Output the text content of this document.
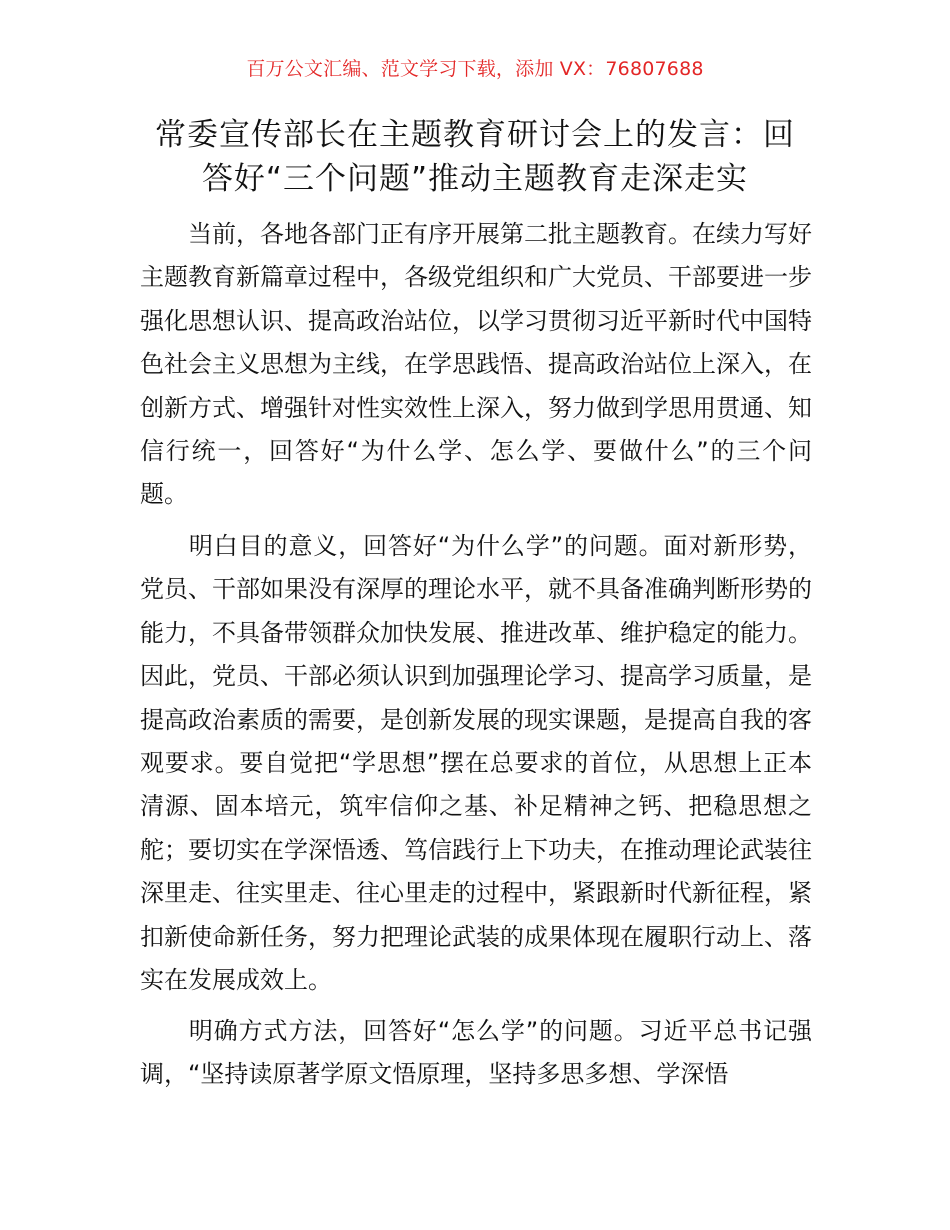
百万公文汇编、范文学习下载，添加 VX：76807688
常委宣传部长在主题教育研讨会上的发言：回
答好“三个问题”推动主题教育走深走实

当前，各地各部门正有序开展第二批主题教育。在续力写好主题教育新篇章过程中，各级党组织和广大党员、干部要进一步强化思想认识、提高政治站位，以学习贯彻习近平新时代中国特色社会主义思想为主线，在学思践悟、提高政治站位上深入，在创新方式、增强针对性实效性上深入，努力做到学思用贯通、知信行统一，回答好“为什么学、怎么学、要做什么”的三个问题。

明白目的意义，回答好“为什么学”的问题。面对新形势，党员、干部如果没有深厚的理论水平，就不具备准确判断形势的能力，不具备带领群众加快发展、推进改革、维护稳定的能力。因此，党员、干部必须认识到加强理论学习、提高学习质量，是提高政治素质的需要，是创新发展的现实课题，是提高自我的客观要求。要自觉把“学思想”摆在总要求的首位，从思想上正本清源、固本培元，筑牢信仰之基、补足精神之钙、把稳思想之舵；要切实在学深悟透、笃信践行上下功夫，在推动理论武装往深里走、往实里走、往心里走的过程中，紧跟新时代新征程，紧扣新使命新任务，努力把理论武装的成果体现在履职行动上、落实在发展成效上。

明确方式方法，回答好“怎么学”的问题。习近平总书记强调，“坚持读原著学原文悟原理，坚持多思多想、学深悟
